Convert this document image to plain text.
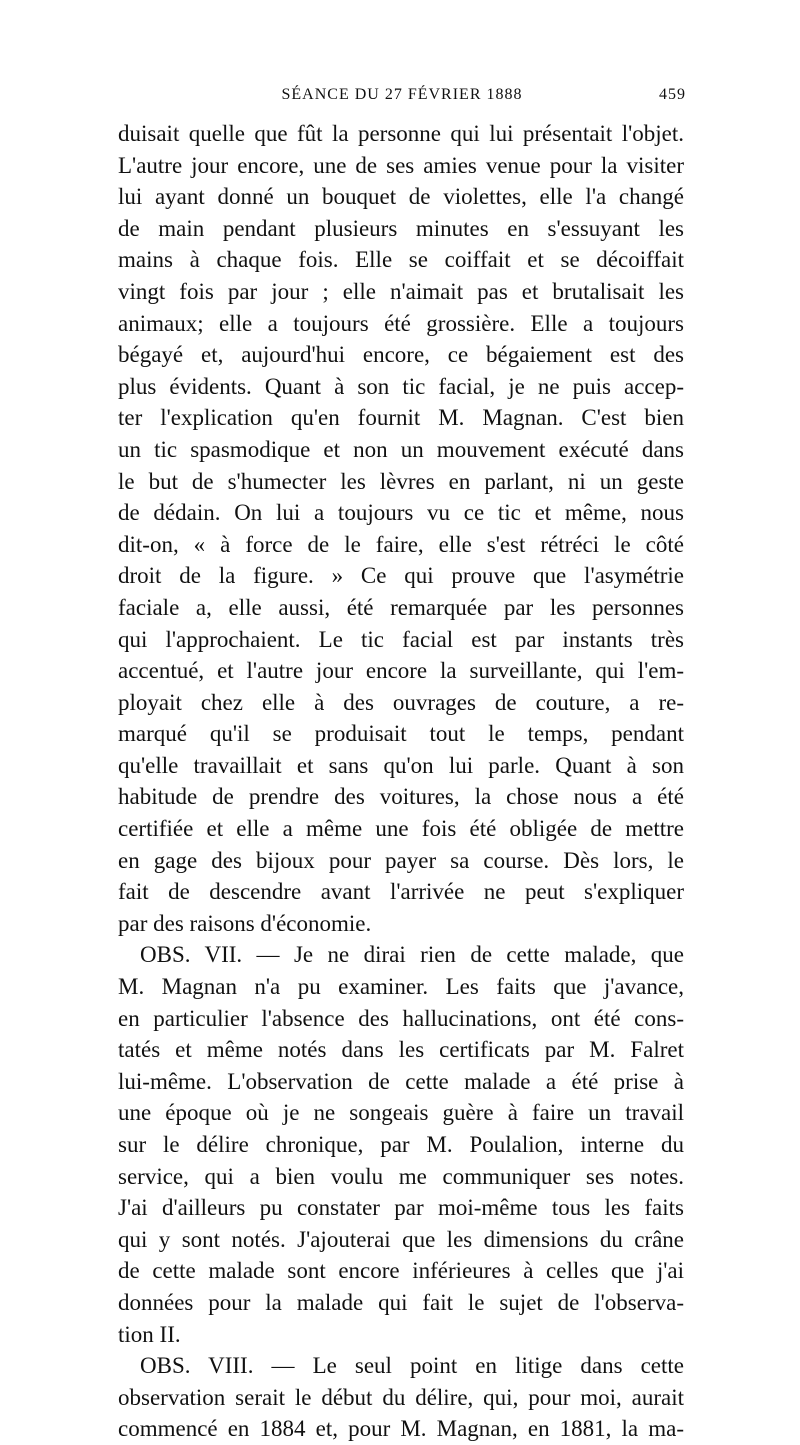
SÉANCE DU 27 FÉVRIER 1888	459
duisait quelle que fût la personne qui lui présentait l'objet.
L'autre jour encore, une de ses amies venue pour la visiter
lui ayant donné un bouquet de violettes, elle l'a changé
de main pendant plusieurs minutes en s'essuyant les
mains à chaque fois. Elle se coiffait et se décoiffait
vingt fois par jour ; elle n'aimait pas et brutalisait les
animaux; elle a toujours été grossière. Elle a toujours
bégayé et, aujourd'hui encore, ce bégaiement est des
plus évidents. Quant à son tic facial, je ne puis accep-
ter l'explication qu'en fournit M. Magnan. C'est bien
un tic spasmodique et non un mouvement exécuté dans
le but de s'humecter les lèvres en parlant, ni un geste
de dédain. On lui a toujours vu ce tic et même, nous
dit-on, « à force de le faire, elle s'est rétréci le côté
droit de la figure. » Ce qui prouve que l'asymétrie
faciale a, elle aussi, été remarquée par les personnes
qui l'approchaient. Le tic facial est par instants très
accentué, et l'autre jour encore la surveillante, qui l'em-
ployait chez elle à des ouvrages de couture, a re-
marqué qu'il se produisait tout le temps, pendant
qu'elle travaillait et sans qu'on lui parle. Quant à son
habitude de prendre des voitures, la chose nous a été
certifiée et elle a même une fois été obligée de mettre
en gage des bijoux pour payer sa course. Dès lors, le
fait de descendre avant l'arrivée ne peut s'expliquer
par des raisons d'économie.
OBS. VII. — Je ne dirai rien de cette malade, que
M. Magnan n'a pu examiner. Les faits que j'avance,
en particulier l'absence des hallucinations, ont été cons-
tatés et même notés dans les certificats par M. Falret
lui-même. L'observation de cette malade a été prise à
une époque où je ne songeais guère à faire un travail
sur le délire chronique, par M. Poulalion, interne du
service, qui a bien voulu me communiquer ses notes.
J'ai d'ailleurs pu constater par moi-même tous les faits
qui y sont notés. J'ajouterai que les dimensions du crâne
de cette malade sont encore inférieures à celles que j'ai
données pour la malade qui fait le sujet de l'observa-
tion II.
OBS. VIII. — Le seul point en litige dans cette
observation serait le début du délire, qui, pour moi, aurait
commencé en 1884 et, pour M. Magnan, en 1881, la ma-
